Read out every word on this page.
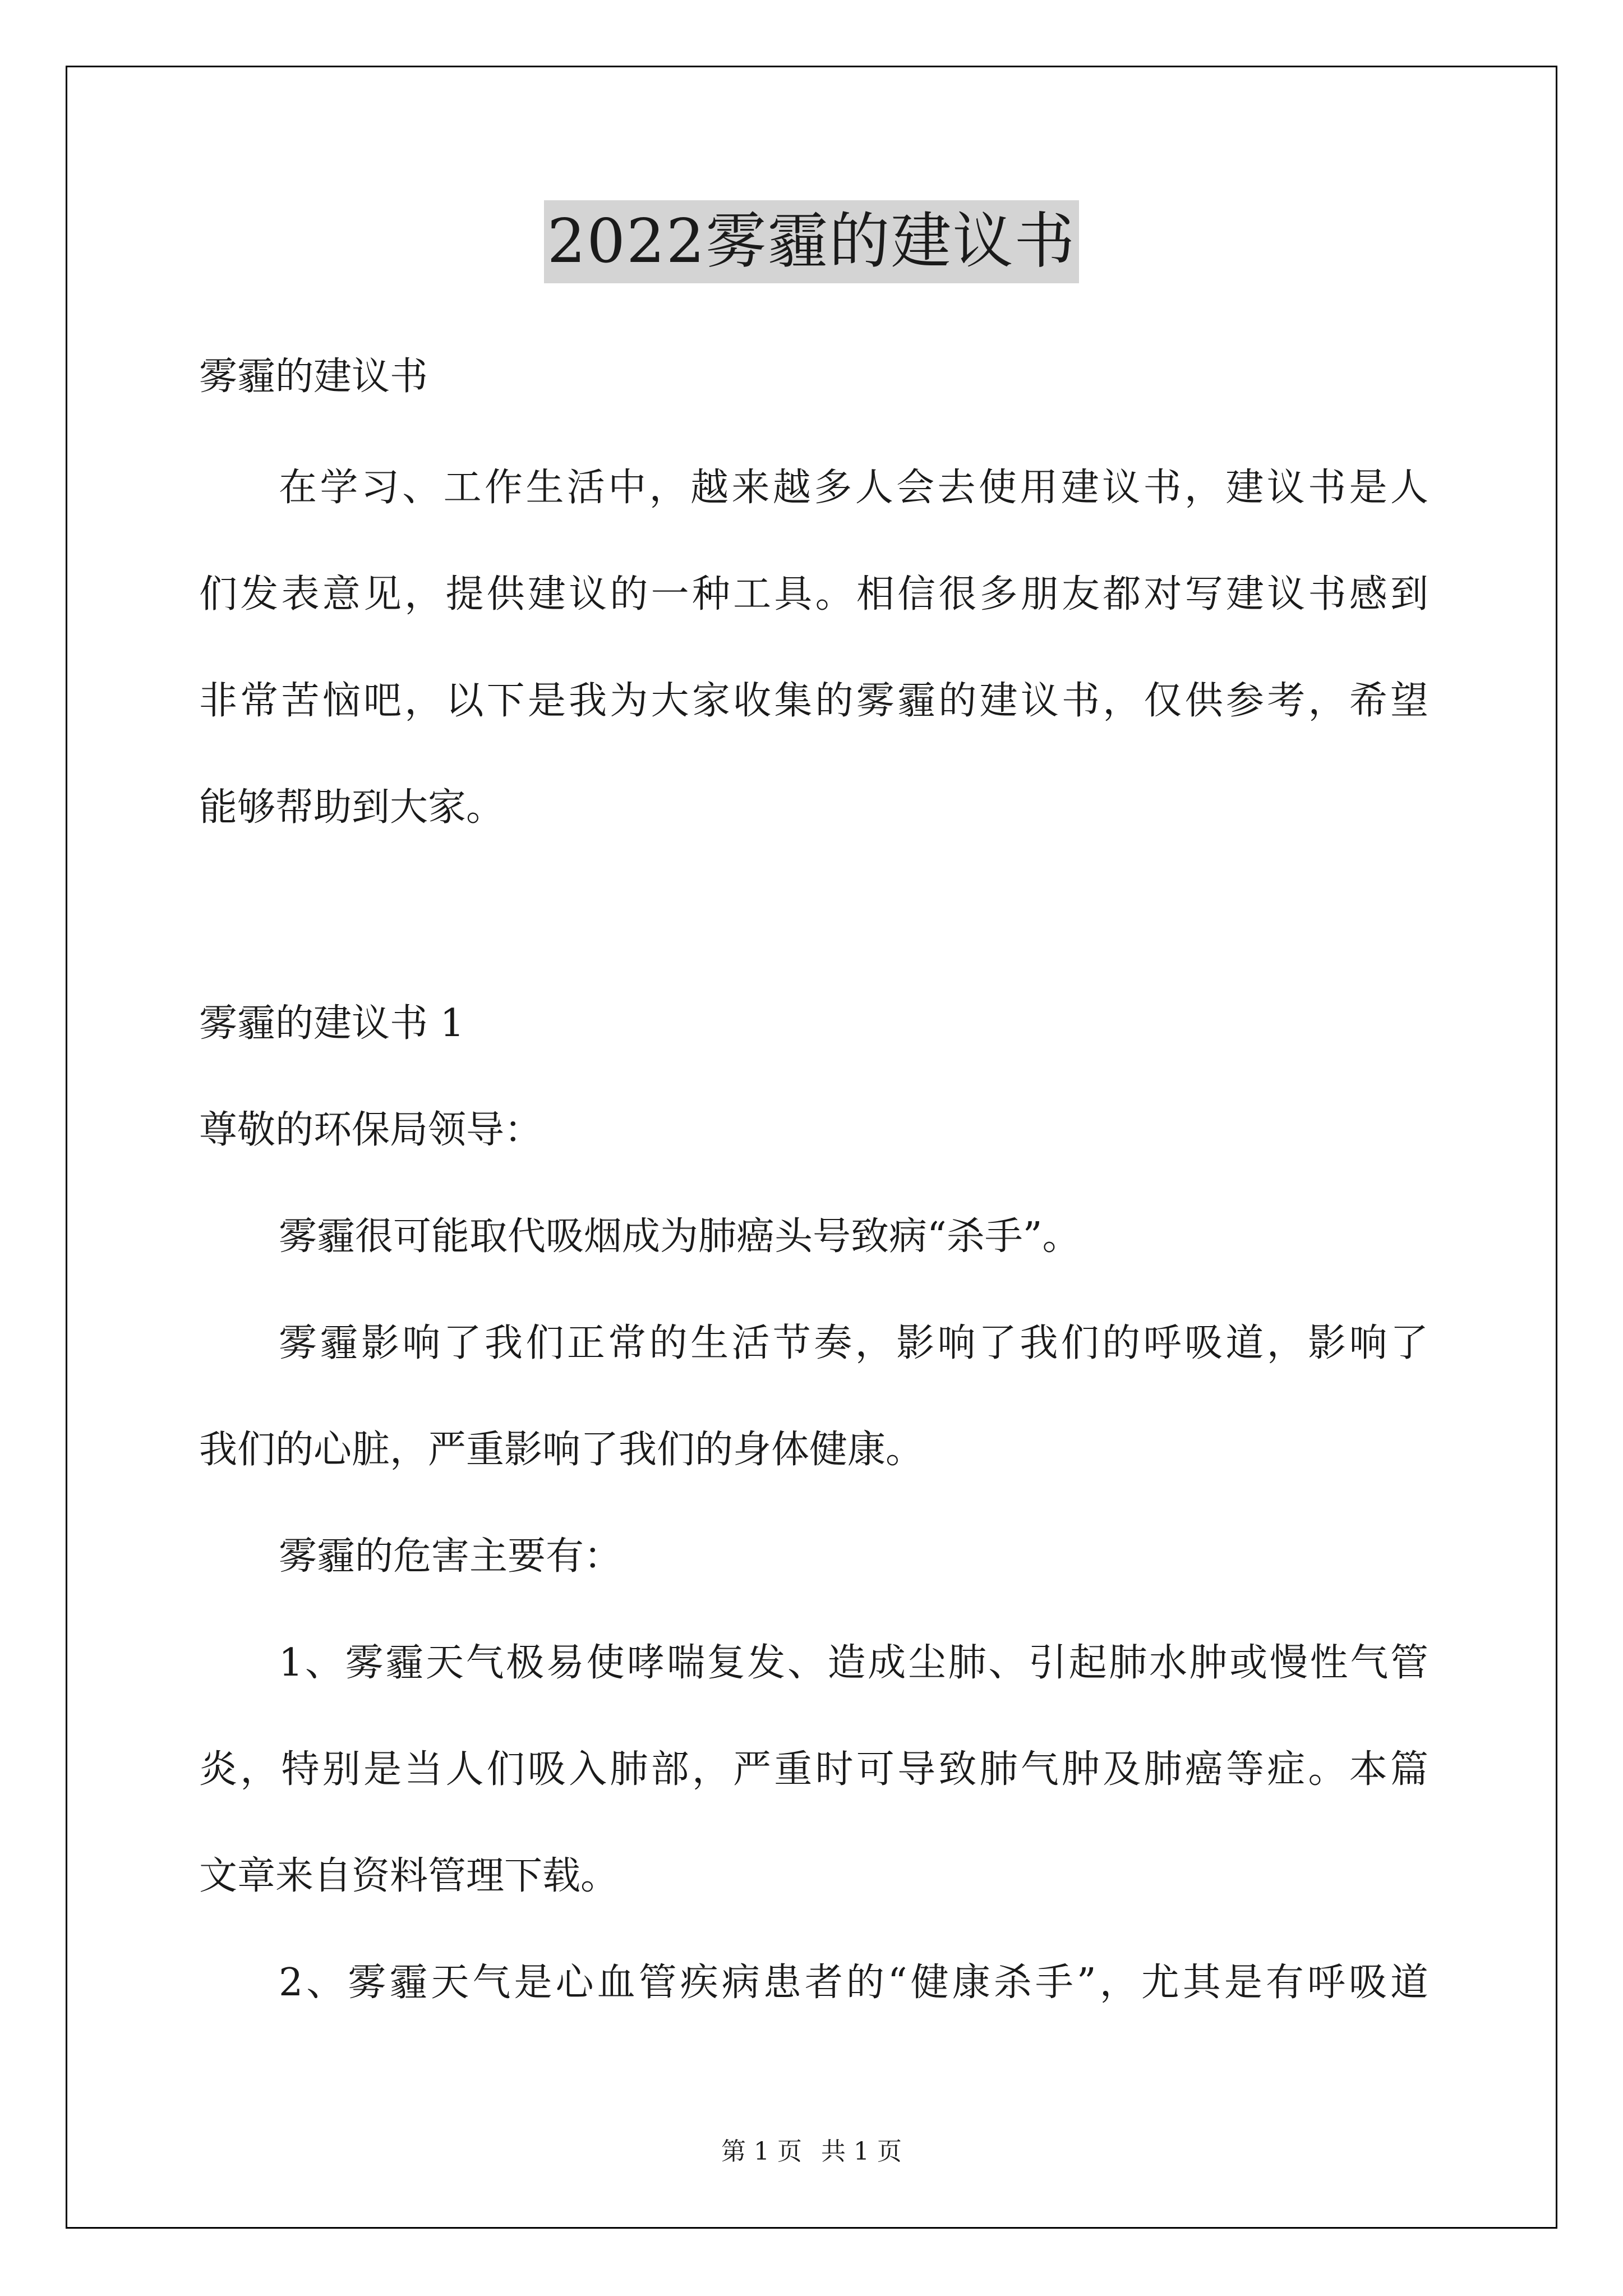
2022雾霾的建议书
雾霾的建议书
在学习、工作生活中，越来越多人会去使用建议书，建议书是人
们发表意见，提供建议的一种工具。相信很多朋友都对写建议书感到
非常苦恼吧，以下是我为大家收集的雾霾的建议书，仅供参考，希望
能够帮助到大家。
雾霾的建议书 1
尊敬的环保局领导：
雾霾很可能取代吸烟成为肺癌头号致病“杀手”。
雾霾影响了我们正常的生活节奏，影响了我们的呼吸道，影响了
我们的心脏，严重影响了我们的身体健康。
雾霾的危害主要有：
1、雾霾天气极易使哮喘复发、造成尘肺、引起肺水肿或慢性气管
炎，特别是当人们吸入肺部，严重时可导致肺气肿及肺癌等症。本篇
文章来自资料管理下载。
2、雾霾天气是心血管疾病患者的“健康杀手”，尤其是有呼吸道
第 1 页 共 1 页
